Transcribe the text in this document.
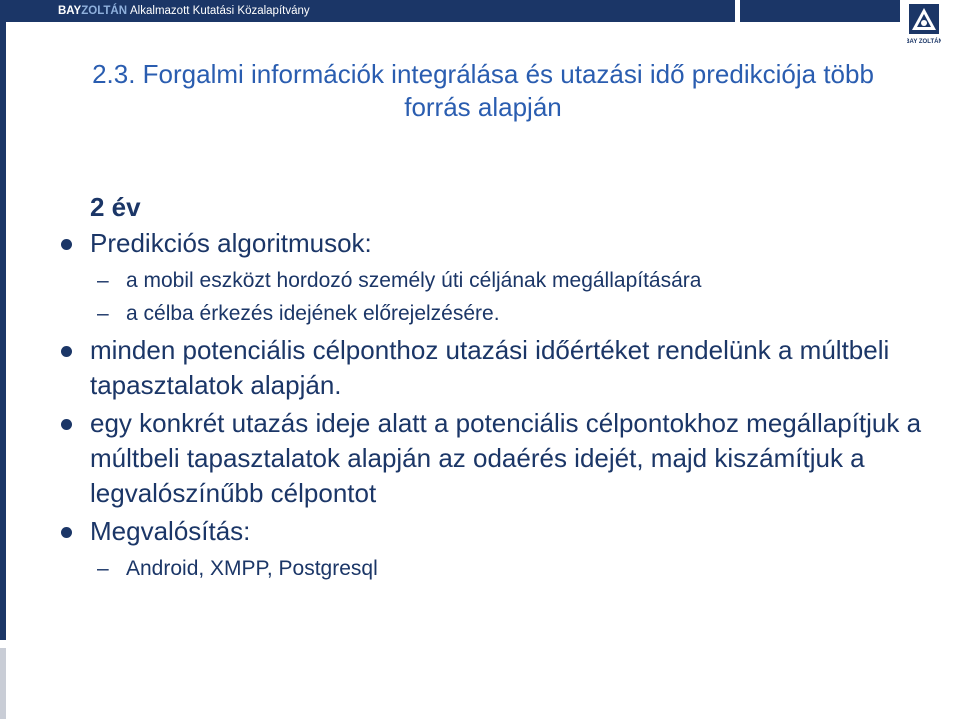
BAYZOLTÁN Alkalmazott Kutatási Közalapítvány
BAY ZOLTÁN
2.3. Forgalmi információk integrálása és utazási idő predikciója több forrás alapján
2 év
Predikciós algoritmusok:
– a mobil eszközt hordozó személy úti céljának megállapítására
– a célba érkezés idejének előrejelzésére.
minden potenciális célponthoz utazási időértéket rendelünk a múltbeli tapasztalatok alapján.
egy konkrét utazás ideje alatt a potenciális célpontokhoz megállapítjuk a múltbeli tapasztalatok alapján az odaérés idejét, majd kiszámítjuk a legvalószínűbb célpontot
Megvalósítás:
– Android, XMPP, Postgresql
